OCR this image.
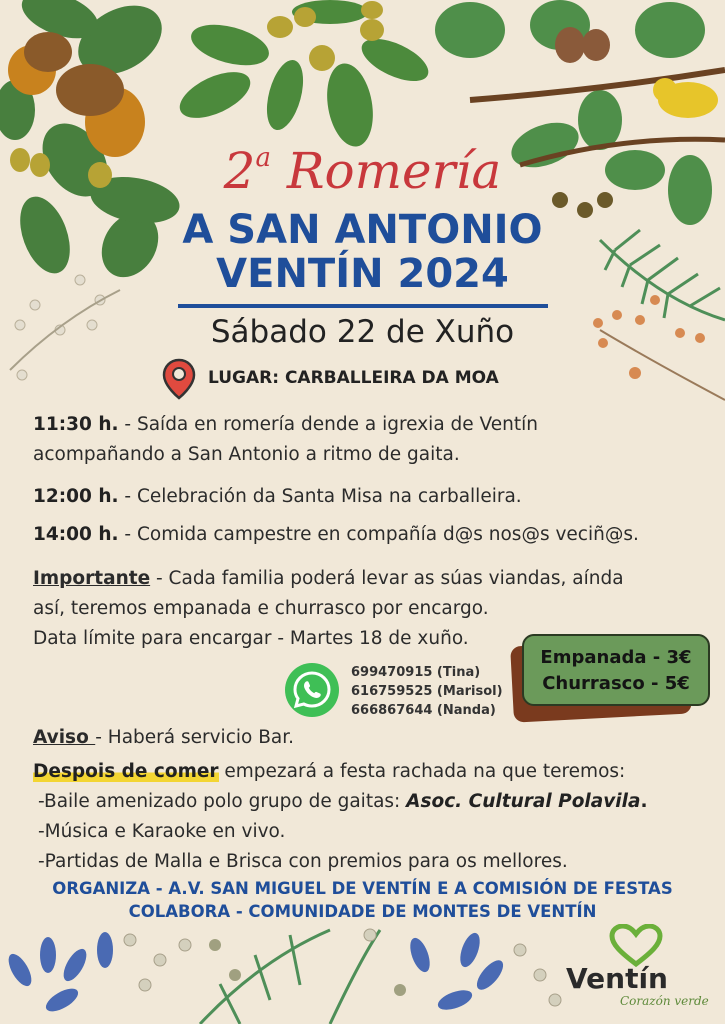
2$^a$ Romería
A SAN ANTONIO
VENTÍN 2024
Sábado 22 de Xuño
LUGAR: CARBALLEIRA DA MOA
11:30 h. - Saída en romería dende a igrexia de Ventín
acompañando a San Antonio a ritmo de gaita.
12:00 h. - Celebración da Santa Misa na carballeira.
14:00 h. - Comida campestre en compañía d@s nos@s veciñ@s.
Importante - Cada familia poderá levar as súas viandas, aínda
así, teremos empanada e churrasco por encargo.
Data límite para encargar - Martes 18 de xuño.
Empanada - 3€
Churrasco - 5€
699470915 (Tina)
616759525 (Marisol)
666867644 (Nanda)
Aviso - Haberá servicio Bar.
Despois de comer empezará a festa rachada na que teremos:
-Baile amenizado polo grupo de gaitas: Asoc. Cultural Polavila.
-Música e Karaoke en vivo.
-Partidas de Malla e Brisca con premios para os mellores.
ORGANIZA - A.V. SAN MIGUEL DE VENTÍN E A COMISIÓN DE FESTAS
COLABORA - COMUNIDADE DE MONTES DE VENTÍN
Ventín
Corazón verde
